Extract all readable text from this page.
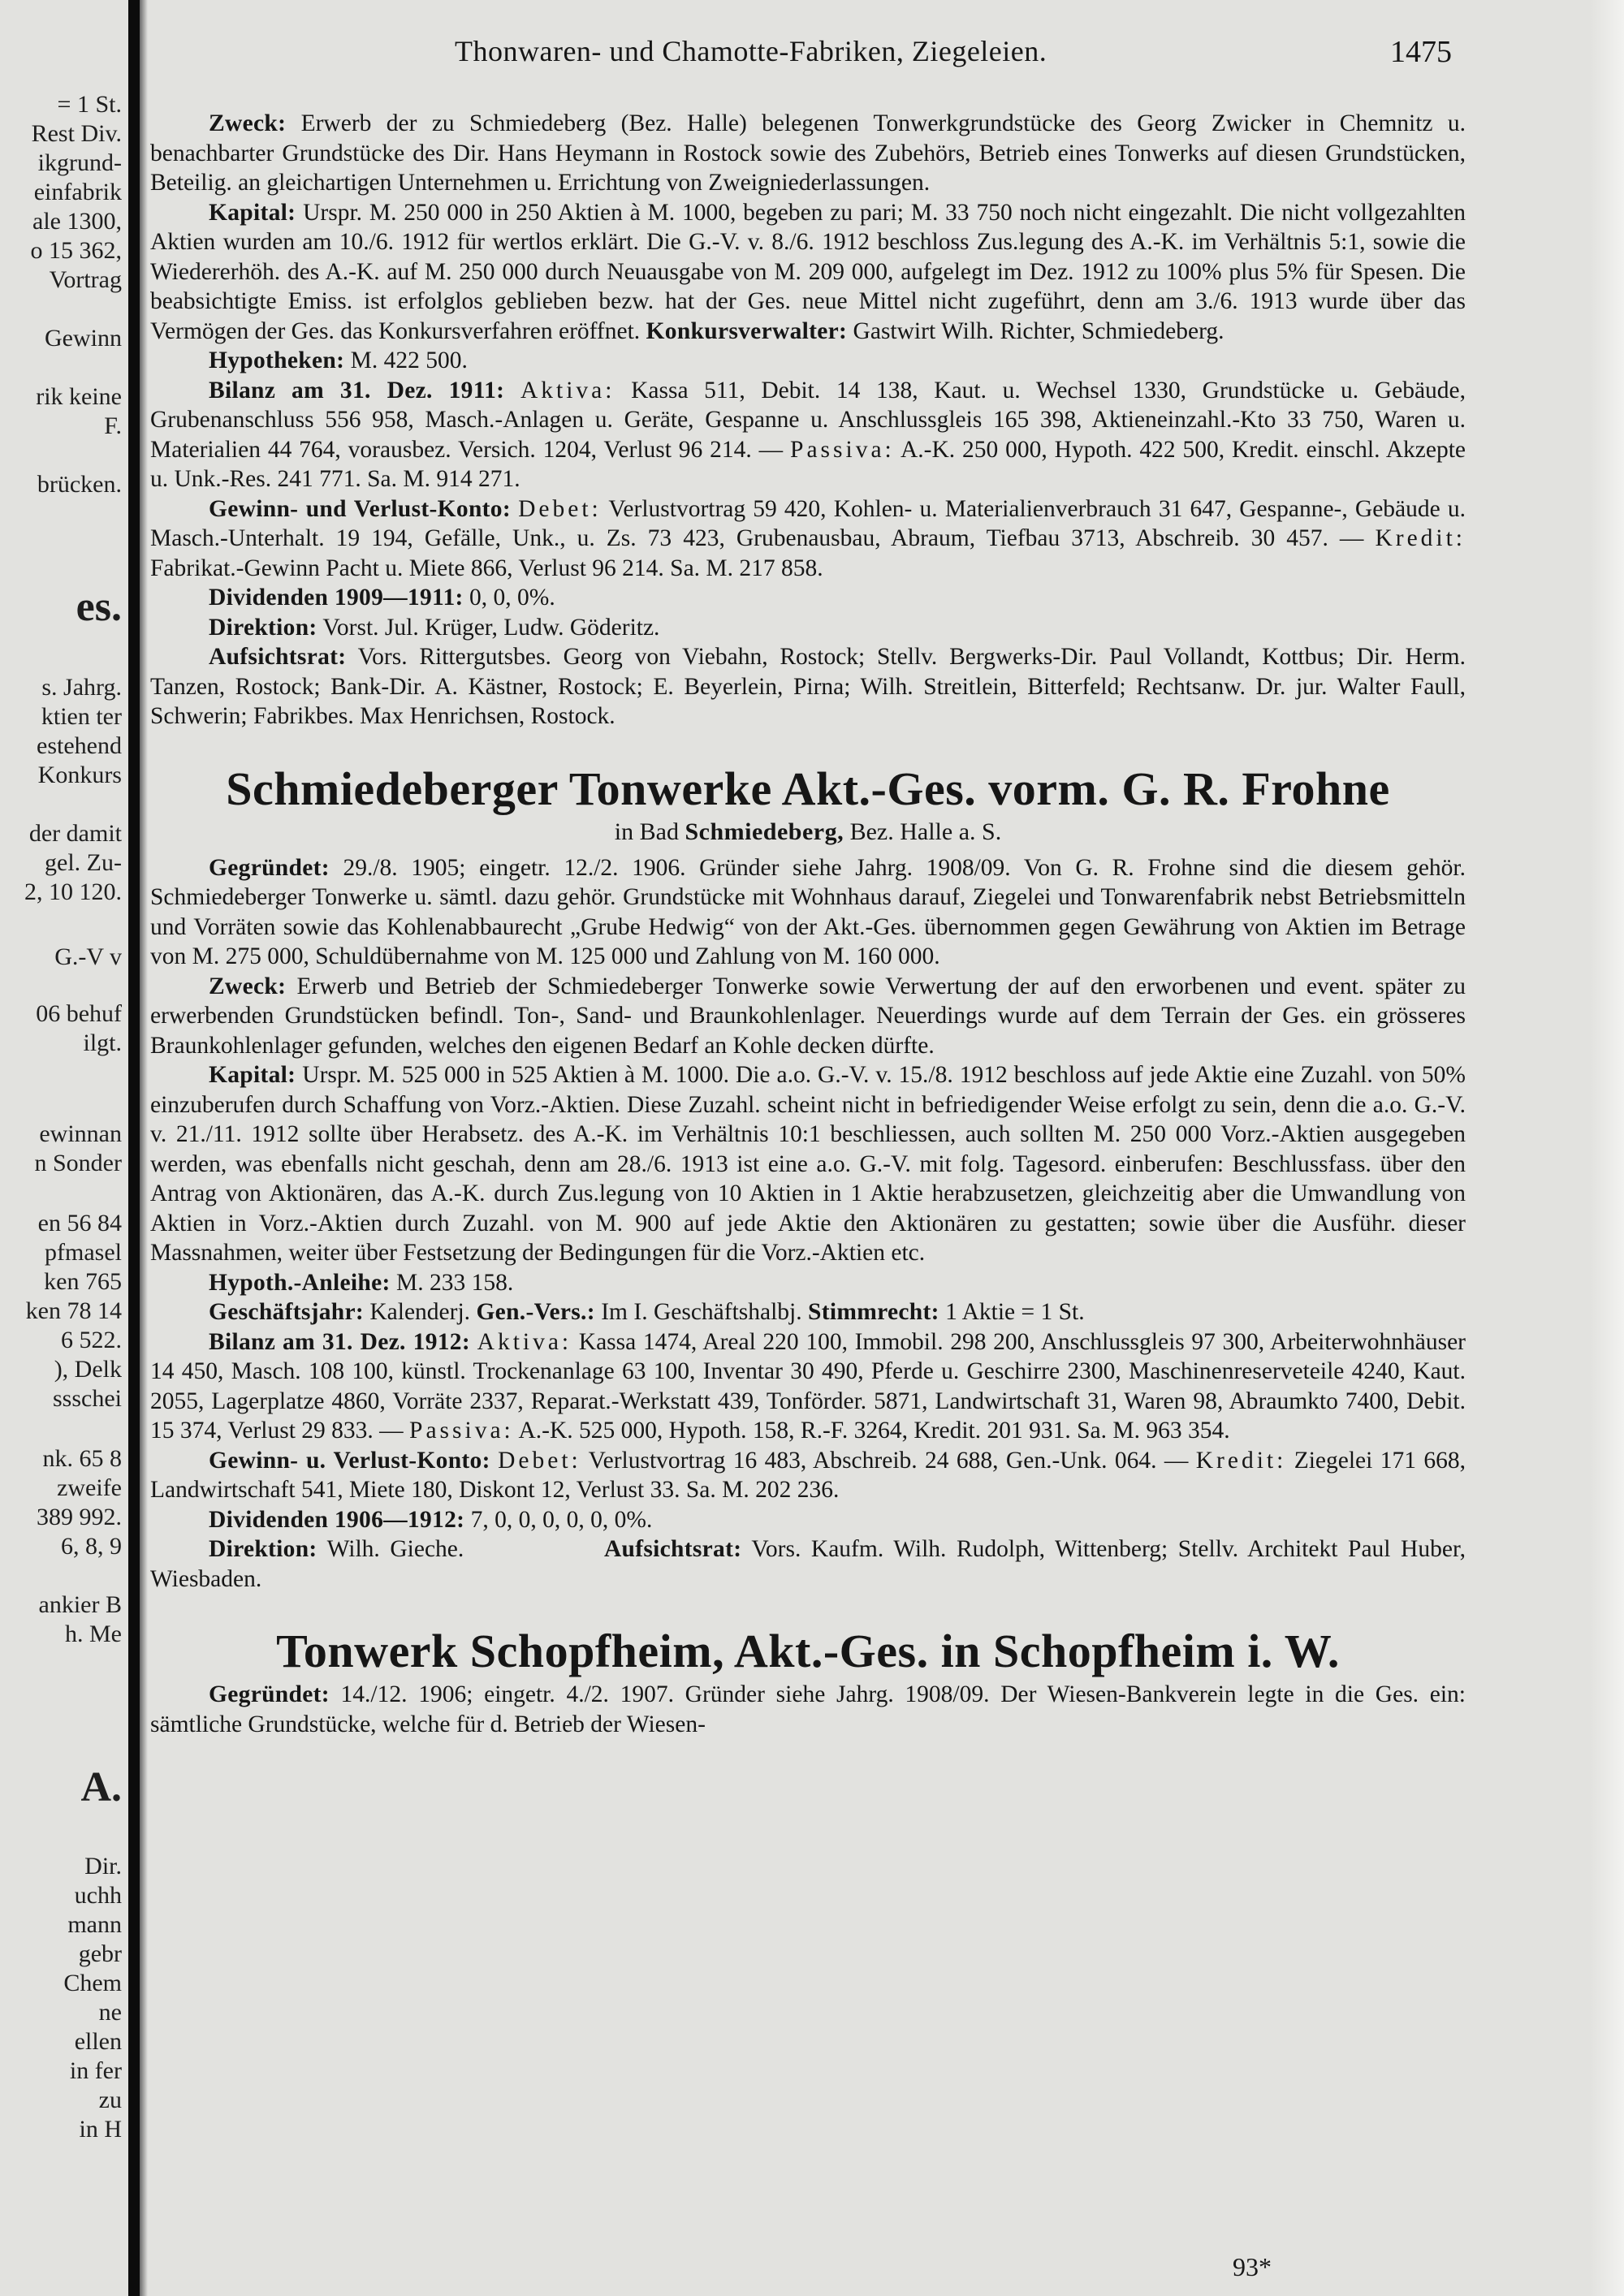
= 1 St.
Rest Div.
ikgrund-
einfabrik
ale 1300,
o 15 362,
Vortrag
Gewinn
rik keine
F.
brücken.
es.
s. Jahrg.
ktien ter
estehend
Konkurs
der damit
gel. Zu-
2, 10 120.
G.-V v
06 behuf
ilgt.
ewinnan
n Sonder
en 56 84
pfmasel
ken 765
ken 78 14
6 522.
), Delk
ssschei
nk. 65 8
zweife
389 992.
6, 8, 9
ankier B
h. Me
A.
Dir.
uchh
mann
gebr
Chem
ne
ellen
in fer
zu
in H
Thonwaren- und Chamotte-Fabriken, Ziegeleien.	1475

Zweck: Erwerb der zu Schmiedeberg (Bez. Halle) belegenen Tonwerkgrundstücke des Georg Zwicker in Chemnitz u. benachbarter Grundstücke des Dir. Hans Heymann in Rostock sowie des Zubehörs, Betrieb eines Tonwerks auf diesen Grundstücken, Beteilig. an gleichartigen Unternehmen u. Errichtung von Zweigniederlassungen.

Kapital: Urspr. M. 250 000 in 250 Aktien à M. 1000, begeben zu pari; M. 33 750 noch nicht eingezahlt. Die nicht vollgezahlten Aktien wurden am 10./6. 1912 für wertlos erklärt. Die G.-V. v. 8./6. 1912 beschloss Zus.legung des A.-K. im Verhältnis 5:1, sowie die Wiedererhöh. des A.-K. auf M. 250 000 durch Neuausgabe von M. 209 000, aufgelegt im Dez. 1912 zu 100% plus 5% für Spesen. Die beabsichtigte Emiss. ist erfolglos geblieben bezw. hat der Ges. neue Mittel nicht zugeführt, denn am 3./6. 1913 wurde über das Vermögen der Ges. das Konkursverfahren eröffnet. Konkursverwalter: Gastwirt Wilh. Richter, Schmiedeberg.

Hypotheken: M. 422 500.

Bilanz am 31. Dez. 1911: Aktiva: Kassa 511, Debit. 14 138, Kaut. u. Wechsel 1330, Grundstücke u. Gebäude, Grubenanschluss 556 958, Masch.-Anlagen u. Geräte, Gespanne u. Anschlussgleis 165 398, Aktieneinzahl.-Kto 33 750, Waren u. Materialien 44 764, vorausbez. Versich. 1204, Verlust 96 214. — Passiva: A.-K. 250 000, Hypoth. 422 500, Kredit. einschl. Akzepte u. Unk.-Res. 241 771. Sa. M. 914 271.

Gewinn- und Verlust-Konto: Debet: Verlustvortrag 59 420, Kohlen- u. Materialienverbrauch 31 647, Gespanne-, Gebäude u. Masch.-Unterhalt. 19 194, Gefälle, Unk., u. Zs. 73 423, Grubenausbau, Abraum, Tiefbau 3713, Abschreib. 30 457. — Kredit: Fabrikat.-Gewinn Pacht u. Miete 866, Verlust 96 214. Sa. M. 217 858.

Dividenden 1909—1911: 0, 0, 0%.

Direktion: Vorst. Jul. Krüger, Ludw. Göderitz.

Aufsichtsrat: Vors. Rittergutsbes. Georg von Viebahn, Rostock; Stellv. Bergwerks-Dir. Paul Vollandt, Kottbus; Dir. Herm. Tanzen, Rostock; Bank-Dir. A. Kästner, Rostock; E. Beyerlein, Pirna; Wilh. Streitlein, Bitterfeld; Rechtsanw. Dr. jur. Walter Faull, Schwerin; Fabrikbes. Max Henrichsen, Rostock.

Schmiedeberger Tonwerke Akt.-Ges. vorm. G. R. Frohne
in Bad Schmiedeberg, Bez. Halle a. S.

Gegründet: 29./8. 1905; eingetr. 12./2. 1906. Gründer siehe Jahrg. 1908/09. Von G. R. Frohne sind die diesem gehör. Schmiedeberger Tonwerke u. sämtl. dazu gehör. Grundstücke mit Wohnhaus darauf, Ziegelei und Tonwarenfabrik nebst Betriebsmitteln und Vorräten sowie das Kohlenabbaurecht „Grube Hedwig“ von der Akt.-Ges. übernommen gegen Gewährung von Aktien im Betrage von M. 275 000, Schuldübernahme von M. 125 000 und Zahlung von M. 160 000.

Zweck: Erwerb und Betrieb der Schmiedeberger Tonwerke sowie Verwertung der auf den erworbenen und event. später zu erwerbenden Grundstücken befindl. Ton-, Sand- und Braunkohlenlager. Neuerdings wurde auf dem Terrain der Ges. ein grösseres Braunkohlenlager gefunden, welches den eigenen Bedarf an Kohle decken dürfte.

Kapital: Urspr. M. 525 000 in 525 Aktien à M. 1000. Die a.o. G.-V. v. 15./8. 1912 beschloss auf jede Aktie eine Zuzahl. von 50% einzuberufen durch Schaffung von Vorz.-Aktien. Diese Zuzahl. scheint nicht in befriedigender Weise erfolgt zu sein, denn die a.o. G.-V. v. 21./11. 1912 sollte über Herabsetz. des A.-K. im Verhältnis 10:1 beschliessen, auch sollten M. 250 000 Vorz.-Aktien ausgegeben werden, was ebenfalls nicht geschah, denn am 28./6. 1913 ist eine a.o. G.-V. mit folg. Tagesord. einberufen: Beschlussfass. über den Antrag von Aktionären, das A.-K. durch Zus.legung von 10 Aktien in 1 Aktie herabzusetzen, gleichzeitig aber die Umwandlung von Aktien in Vorz.-Aktien durch Zuzahl. von M. 900 auf jede Aktie den Aktionären zu gestatten; sowie über die Ausführ. dieser Massnahmen, weiter über Festsetzung der Bedingungen für die Vorz.-Aktien etc.

Hypoth.-Anleihe: M. 233 158.

Geschäftsjahr: Kalenderj. Gen.-Vers.: Im I. Geschäftshalbj. Stimmrecht: 1 Aktie = 1 St.

Bilanz am 31. Dez. 1912: Aktiva: Kassa 1474, Areal 220 100, Immobil. 298 200, Anschlussgleis 97 300, Arbeiterwohnhäuser 14 450, Masch. 108 100, künstl. Trockenanlage 63 100, Inventar 30 490, Pferde u. Geschirre 2300, Maschinenreserveteile 4240, Kaut. 2055, Lagerplatze 4860, Vorräte 2337, Reparat.-Werkstatt 439, Tonförder. 5871, Landwirtschaft 31, Waren 98, Abraumkto 7400, Debit. 15 374, Verlust 29 833. — Passiva: A.-K. 525 000, Hypoth. 158, R.-F. 3264, Kredit. 201 931. Sa. M. 963 354.

Gewinn- u. Verlust-Konto: Debet: Verlustvortrag 16 483, Abschreib. 24 688, Gen.-Unk. 064. — Kredit: Ziegelei 171 668, Landwirtschaft 541, Miete 180, Diskont 12, Verlust 33. Sa. M. 202 236.

Dividenden 1906—1912: 7, 0, 0, 0, 0, 0, 0%.

Direktion: Wilh. Gieche.       Aufsichtsrat: Vors. Kaufm. Wilh. Rudolph, Wittenberg; Stellv. Architekt Paul Huber, Wiesbaden.

Tonwerk Schopfheim, Akt.-Ges. in Schopfheim i. W.

Gegründet: 14./12. 1906; eingetr. 4./2. 1907. Gründer siehe Jahrg. 1908/09. Der Wiesen-Bankverein legte in die Ges. ein: sämtliche Grundstücke, welche für d. Betrieb der Wiesen-

93*
